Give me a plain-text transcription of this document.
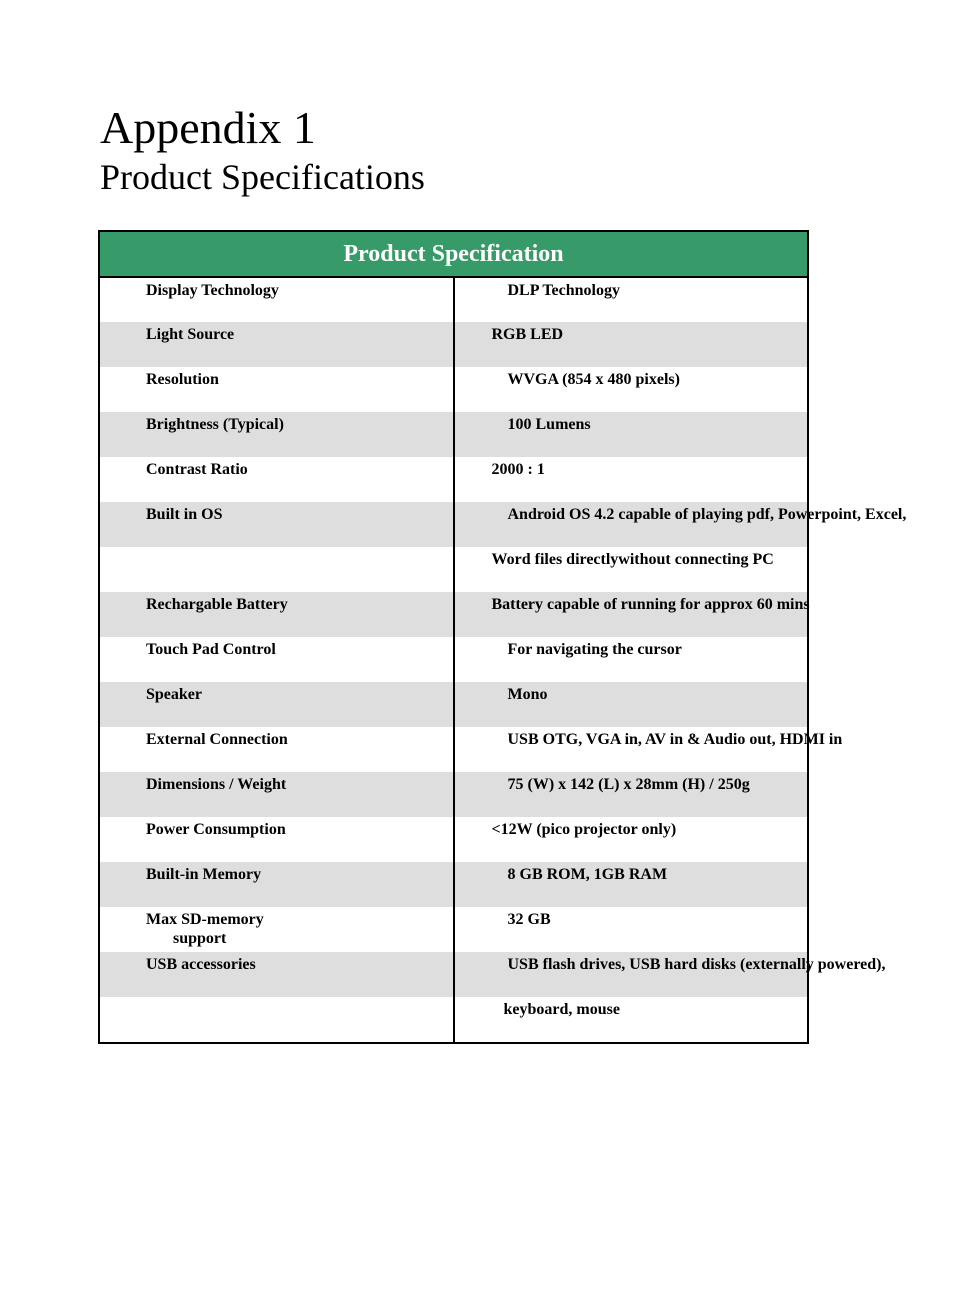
Appendix 1
Product Specifications
Product Specification	
Display Technology	DLP Technology
Light Source	RGB LED
Resolution	WVGA (854 x 480 pixels)
Brightness (Typical)	100 Lumens
Contrast Ratio	2000 : 1
Built in OS	Android OS 4.2 capable of playing pdf, Powerpoint, Excel,
	Word files directlywithout connecting PC
Rechargable Battery	Battery capable of running for approx 60 mins
Touch Pad Control	For navigating the cursor
Speaker	Mono
External Connection	USB OTG, VGA in, AV in & Audio out, HDMI in
Dimensions / Weight	75 (W) x 142 (L) x 28mm (H) / 250g
Power Consumption	<12W (pico projector only)
Built-in Memory	8 GB ROM, 1GB RAM
Max SD-memory
support	32 GB
USB accessories	USB flash drives, USB hard disks (externally powered),
	keyboard, mouse
